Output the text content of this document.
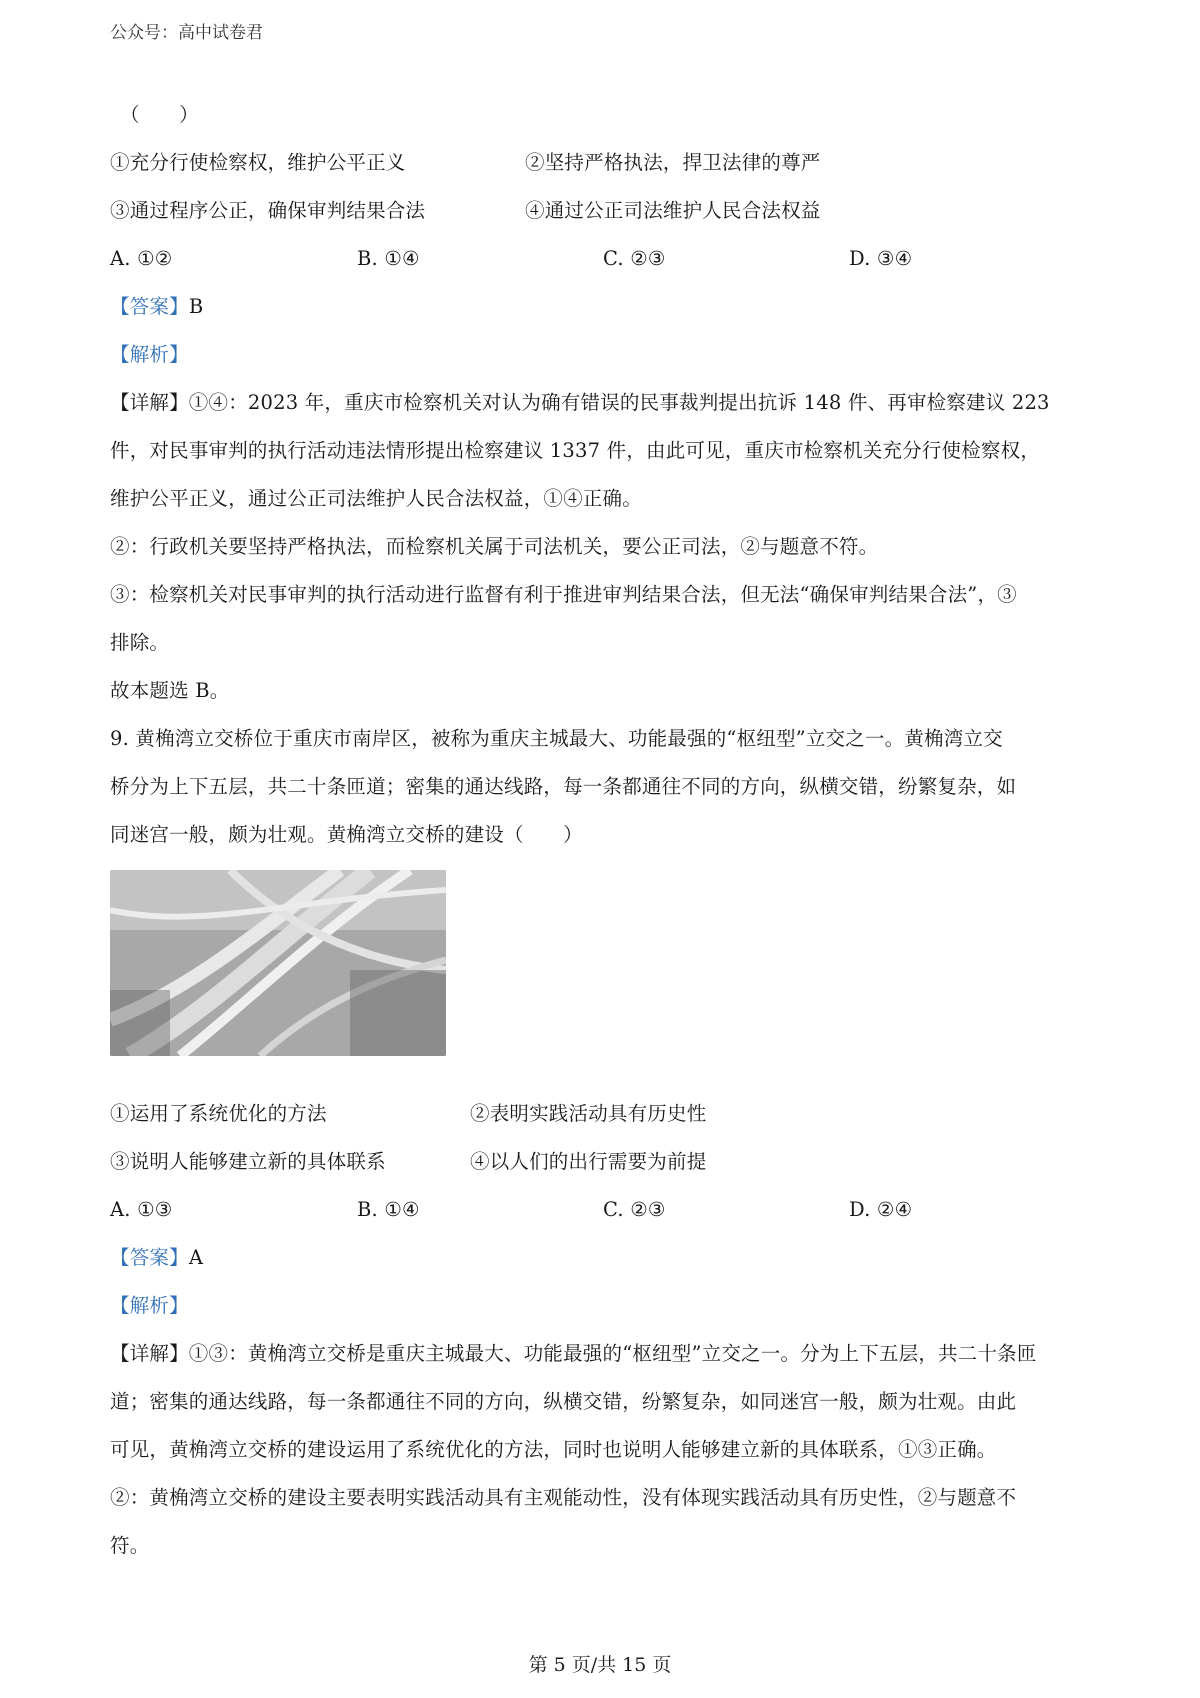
公众号：高中试卷君
（　　）
①充分行使检察权，维护公平正义	②坚持严格执法，捍卫法律的尊严
③通过程序公正，确保审判结果合法	④通过公正司法维护人民合法权益
A. ①②	B. ①④	C. ②③	D. ③④
【答案】B
【解析】
【详解】①④：2023 年，重庆市检察机关对认为确有错误的民事裁判提出抗诉 148 件、再审检察建议 223
件，对民事审判的执行活动违法情形提出检察建议 1337 件，由此可见，重庆市检察机关充分行使检察权，
维护公平正义，通过公正司法维护人民合法权益，①④正确。
②：行政机关要坚持严格执法，而检察机关属于司法机关，要公正司法，②与题意不符。
③：检察机关对民事审判的执行活动进行监督有利于推进审判结果合法，但无法“确保审判结果合法”，③
排除。
故本题选 B。
9. 黄桷湾立交桥位于重庆市南岸区，被称为重庆主城最大、功能最强的“枢纽型”立交之一。黄桷湾立交
桥分为上下五层，共二十条匝道；密集的通达线路，每一条都通往不同的方向，纵横交错，纷繁复杂，如
同迷宫一般，颇为壮观。黄桷湾立交桥的建设（　　）
①运用了系统优化的方法	②表明实践活动具有历史性
③说明人能够建立新的具体联系	④以人们的出行需要为前提
A. ①③	B. ①④	C. ②③	D. ②④
【答案】A
【解析】
【详解】①③：黄桷湾立交桥是重庆主城最大、功能最强的“枢纽型”立交之一。分为上下五层，共二十条匝
道；密集的通达线路，每一条都通往不同的方向，纵横交错，纷繁复杂，如同迷宫一般，颇为壮观。由此
可见，黄桷湾立交桥的建设运用了系统优化的方法，同时也说明人能够建立新的具体联系，①③正确。
②：黄桷湾立交桥的建设主要表明实践活动具有主观能动性，没有体现实践活动具有历史性，②与题意不
符。
第 5 页/共 15 页
